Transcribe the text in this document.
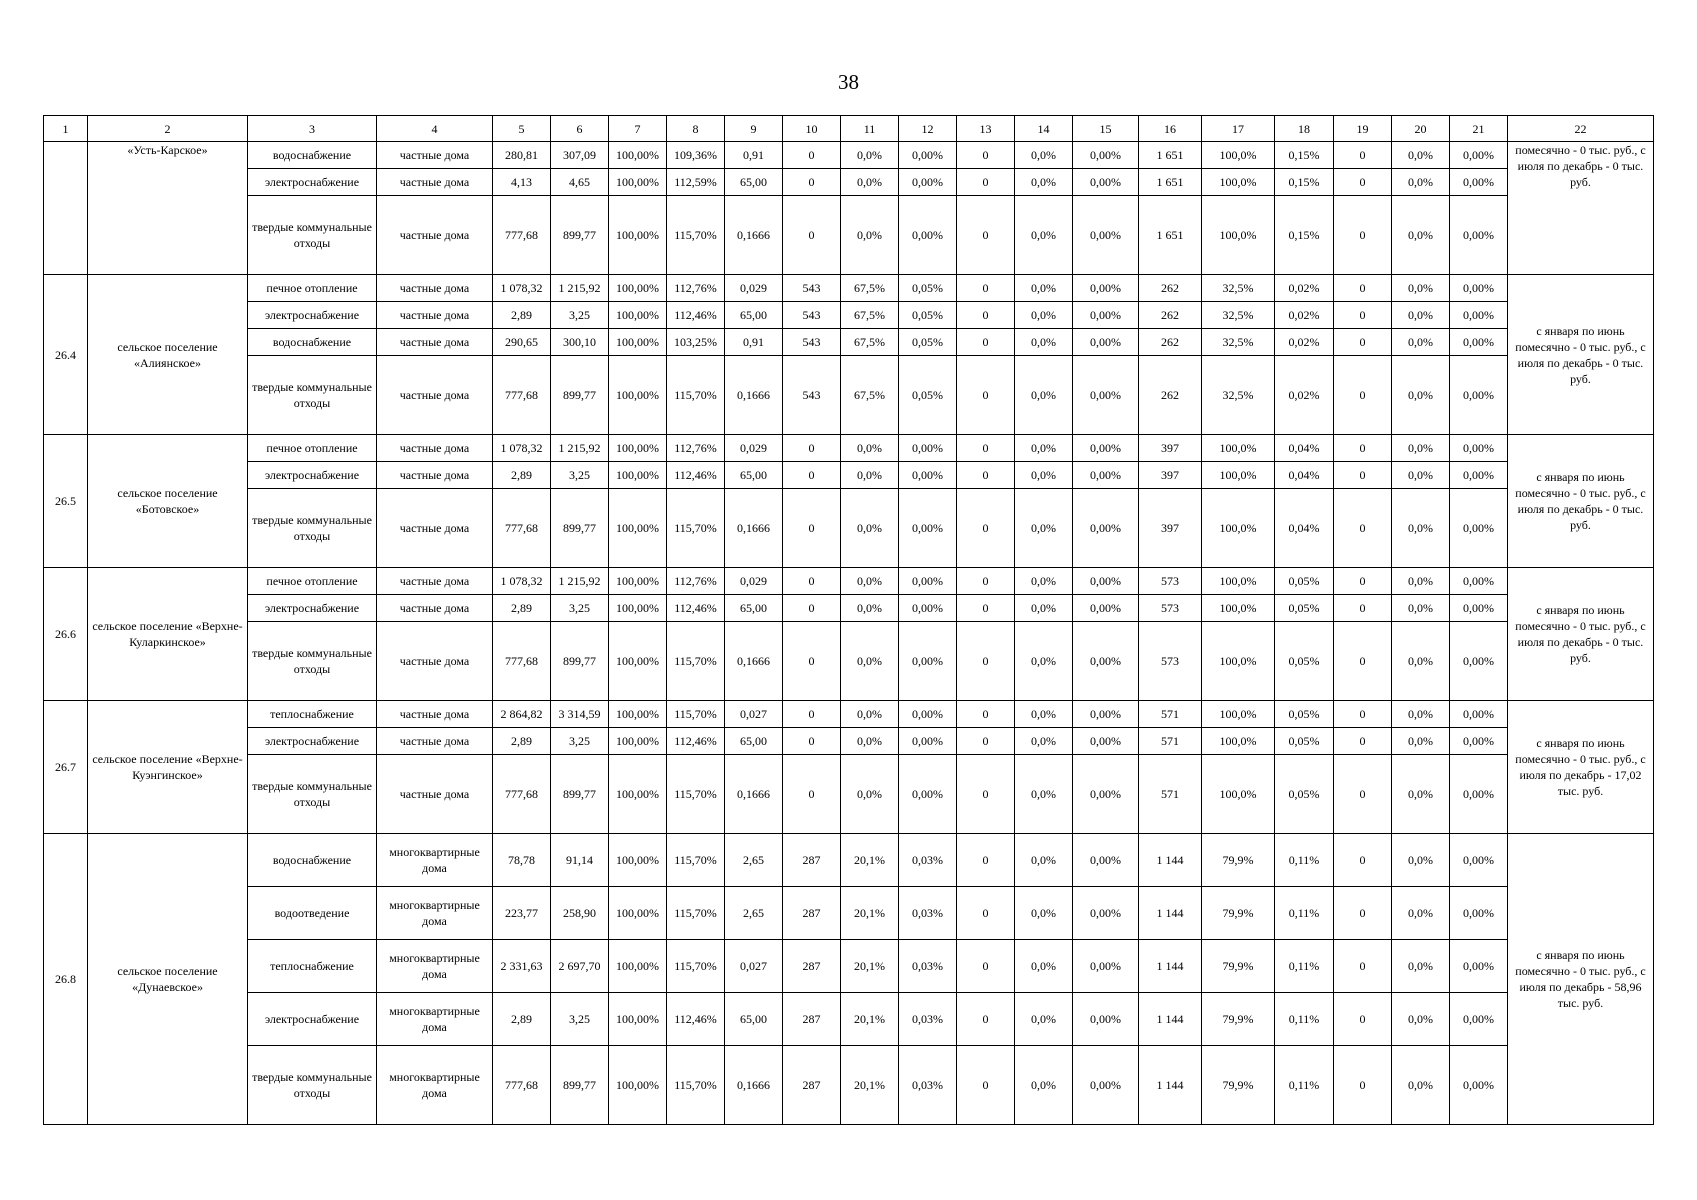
38
1	2	3	4	5	6	7	8	9	10	11	12	13	14	15	16	17	18	19	20	21	22
	«Усть-Карское»	водоснабжение	частные дома	280,81	307,09	100,00%	109,36%	0,91	0	0,0%	0,00%	0	0,0%	0,00%	1 651	100,0%	0,15%	0	0,0%	0,00%	помесячно - 0 тыс. руб., с июля по декабрь - 0 тыс. руб.
		электроснабжение	частные дома	4,13	4,65	100,00%	112,59%	65,00	0	0,0%	0,00%	0	0,0%	0,00%	1 651	100,0%	0,15%	0	0,0%	0,00%	
		твердые коммунальные отходы	частные дома	777,68	899,77	100,00%	115,70%	0,1666	0	0,0%	0,00%	0	0,0%	0,00%	1 651	100,0%	0,15%	0	0,0%	0,00%	
26.4	сельское поселение «Алиянское»	печное отопление	частные дома	1 078,32	1 215,92	100,00%	112,76%	0,029	543	67,5%	0,05%	0	0,0%	0,00%	262	32,5%	0,02%	0	0,0%	0,00%	с января по июнь помесячно - 0 тыс. руб., с июля по декабрь - 0 тыс. руб.
		электроснабжение	частные дома	2,89	3,25	100,00%	112,46%	65,00	543	67,5%	0,05%	0	0,0%	0,00%	262	32,5%	0,02%	0	0,0%	0,00%	
		водоснабжение	частные дома	290,65	300,10	100,00%	103,25%	0,91	543	67,5%	0,05%	0	0,0%	0,00%	262	32,5%	0,02%	0	0,0%	0,00%	
		твердые коммунальные отходы	частные дома	777,68	899,77	100,00%	115,70%	0,1666	543	67,5%	0,05%	0	0,0%	0,00%	262	32,5%	0,02%	0	0,0%	0,00%	
26.5	сельское поселение «Ботовское»	печное отопление	частные дома	1 078,32	1 215,92	100,00%	112,76%	0,029	0	0,0%	0,00%	0	0,0%	0,00%	397	100,0%	0,04%	0	0,0%	0,00%	с января по июнь помесячно - 0 тыс. руб., с июля по декабрь - 0 тыс. руб.
		электроснабжение	частные дома	2,89	3,25	100,00%	112,46%	65,00	0	0,0%	0,00%	0	0,0%	0,00%	397	100,0%	0,04%	0	0,0%	0,00%	
		твердые коммунальные отходы	частные дома	777,68	899,77	100,00%	115,70%	0,1666	0	0,0%	0,00%	0	0,0%	0,00%	397	100,0%	0,04%	0	0,0%	0,00%	
26.6	сельское поселение «Верхне-Куларкинское»	печное отопление	частные дома	1 078,32	1 215,92	100,00%	112,76%	0,029	0	0,0%	0,00%	0	0,0%	0,00%	573	100,0%	0,05%	0	0,0%	0,00%	с января по июнь помесячно - 0 тыс. руб., с июля по декабрь - 0 тыс. руб.
		электроснабжение	частные дома	2,89	3,25	100,00%	112,46%	65,00	0	0,0%	0,00%	0	0,0%	0,00%	573	100,0%	0,05%	0	0,0%	0,00%	
		твердые коммунальные отходы	частные дома	777,68	899,77	100,00%	115,70%	0,1666	0	0,0%	0,00%	0	0,0%	0,00%	573	100,0%	0,05%	0	0,0%	0,00%	
26.7	сельское поселение «Верхне-Куэнгинское»	теплоснабжение	частные дома	2 864,82	3 314,59	100,00%	115,70%	0,027	0	0,0%	0,00%	0	0,0%	0,00%	571	100,0%	0,05%	0	0,0%	0,00%	с января по июнь помесячно - 0 тыс. руб., с июля по декабрь - 17,02 тыс. руб.
		электроснабжение	частные дома	2,89	3,25	100,00%	112,46%	65,00	0	0,0%	0,00%	0	0,0%	0,00%	571	100,0%	0,05%	0	0,0%	0,00%	
		твердые коммунальные отходы	частные дома	777,68	899,77	100,00%	115,70%	0,1666	0	0,0%	0,00%	0	0,0%	0,00%	571	100,0%	0,05%	0	0,0%	0,00%	
26.8	сельское поселение «Дунаевское»	водоснабжение	многоквартирные дома	78,78	91,14	100,00%	115,70%	2,65	287	20,1%	0,03%	0	0,0%	0,00%	1 144	79,9%	0,11%	0	0,0%	0,00%	с января по июнь помесячно - 0 тыс. руб., с июля по декабрь - 58,96 тыс. руб.
		водоотведение	многоквартирные дома	223,77	258,90	100,00%	115,70%	2,65	287	20,1%	0,03%	0	0,0%	0,00%	1 144	79,9%	0,11%	0	0,0%	0,00%	
		теплоснабжение	многоквартирные дома	2 331,63	2 697,70	100,00%	115,70%	0,027	287	20,1%	0,03%	0	0,0%	0,00%	1 144	79,9%	0,11%	0	0,0%	0,00%	
		электроснабжение	многоквартирные дома	2,89	3,25	100,00%	112,46%	65,00	287	20,1%	0,03%	0	0,0%	0,00%	1 144	79,9%	0,11%	0	0,0%	0,00%	
		твердые коммунальные отходы	многоквартирные дома	777,68	899,77	100,00%	115,70%	0,1666	287	20,1%	0,03%	0	0,0%	0,00%	1 144	79,9%	0,11%	0	0,0%	0,00%	
